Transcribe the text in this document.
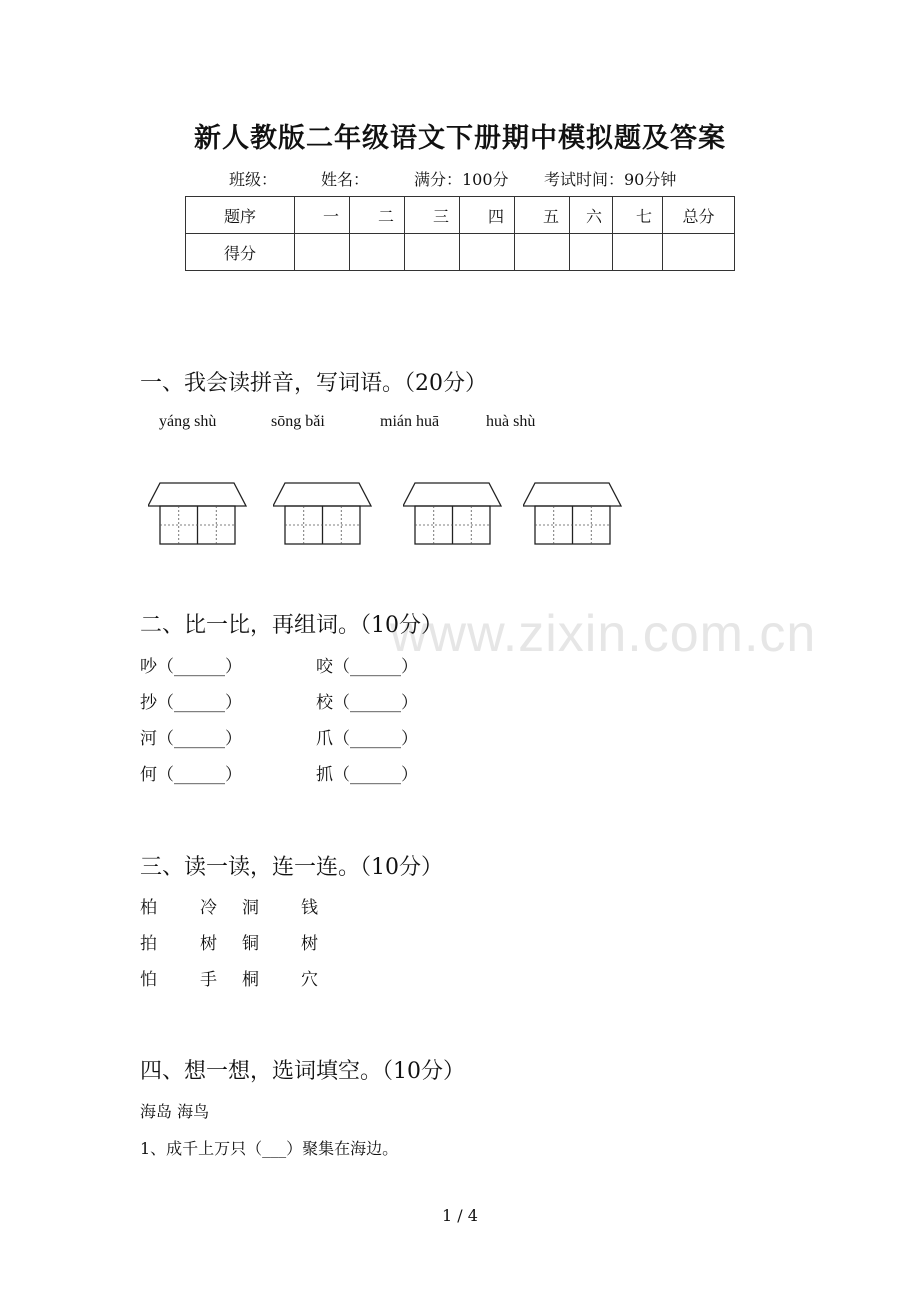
新人教版二年级语文下册期中模拟题及答案
班级：	姓名：	满分：100分 考试时间：90分钟
题序	一	二	三	四	五	六	七	总分
得分								
一、我会读拼音，写词语。（20分）
yáng shù	sōng bǎi	mián huā	huà shù
www.zixin.com.cn
二、比一比，再组词。（10分）
吵（______）	咬（______）
抄（______）	校（______）
河（______）	爪（______）
何（______）	抓（______）
三、读一读，连一连。（10分）
柏	冷 洞 钱
拍	树 铜 树
怕	手 桐 穴
四、想一想，选词填空。（10分）
海岛 海鸟
1、成千上万只（___）聚集在海边。
1 / 4
